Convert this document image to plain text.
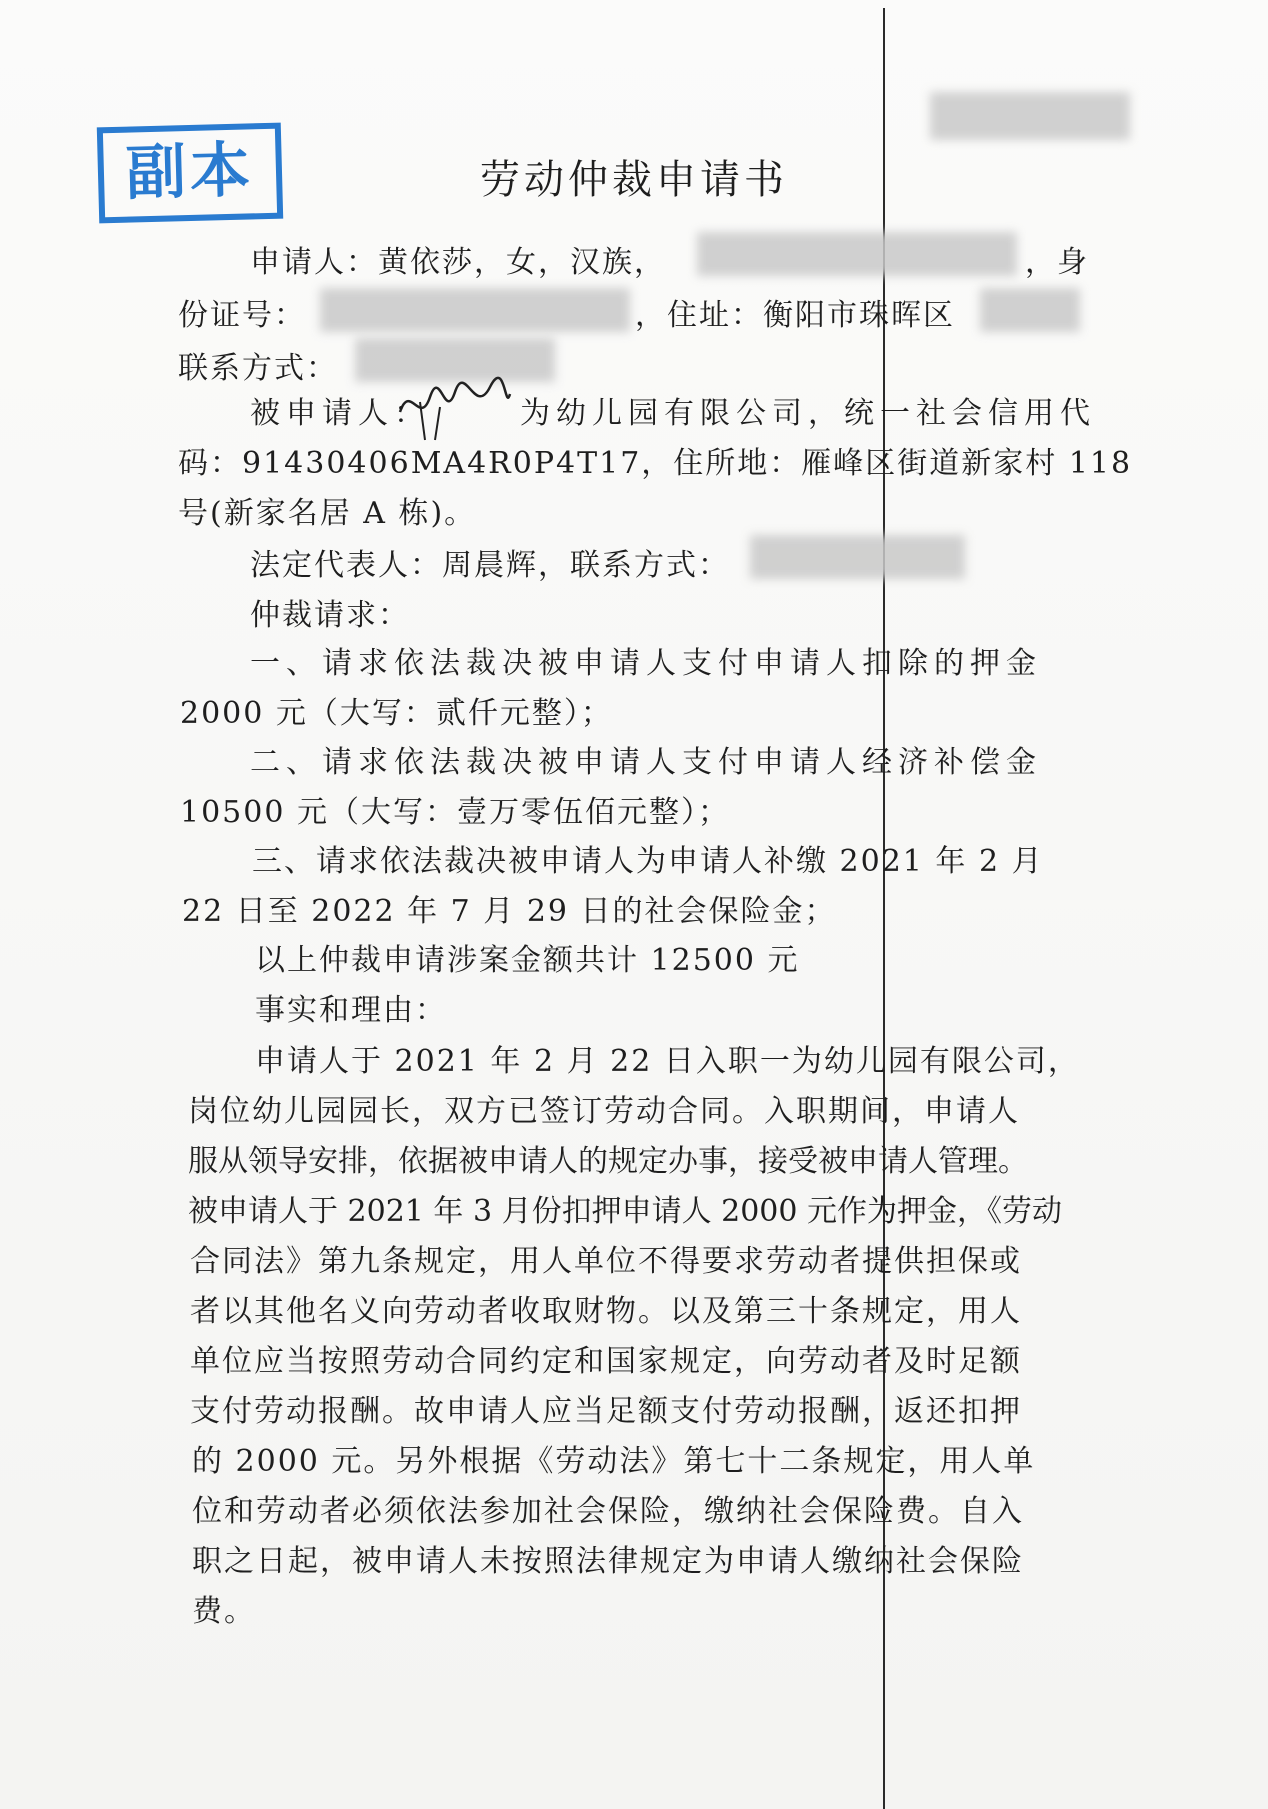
副本	劳动仲裁申请书
申请人：黄依莎，女，汉族，	，身
份证号：	，住址：衡阳市珠晖区
联系方式：
被申请人：	为幼儿园有限公司，统一社会信用代
码：91430406MA4R0P4T17，住所地：雁峰区街道新家村 118
号(新家名居 A 栋)。
法定代表人：周晨辉，联系方式：
仲裁请求：
一、请求依法裁决被申请人支付申请人扣除的押金
2000 元（大写：贰仟元整）；
二、请求依法裁决被申请人支付申请人经济补偿金
10500 元（大写：壹万零伍佰元整）；
三、请求依法裁决被申请人为申请人补缴 2021 年 2 月
22 日至 2022 年 7 月 29 日的社会保险金；
以上仲裁申请涉案金额共计 12500 元
事实和理由：
申请人于 2021 年 2 月 22 日入职一为幼儿园有限公司，
岗位幼儿园园长，双方已签订劳动合同。入职期间，申请人
服从领导安排，依据被申请人的规定办事，接受被申请人管理。
被申请人于 2021 年 3 月份扣押申请人 2000 元作为押金，《劳动
合同法》第九条规定，用人单位不得要求劳动者提供担保或
者以其他名义向劳动者收取财物。以及第三十条规定，用人
单位应当按照劳动合同约定和国家规定，向劳动者及时足额
支付劳动报酬。故申请人应当足额支付劳动报酬，返还扣押
的 2000 元。另外根据《劳动法》第七十二条规定，用人单
位和劳动者必须依法参加社会保险，缴纳社会保险费。自入
职之日起，被申请人未按照法律规定为申请人缴纳社会保险
费。
